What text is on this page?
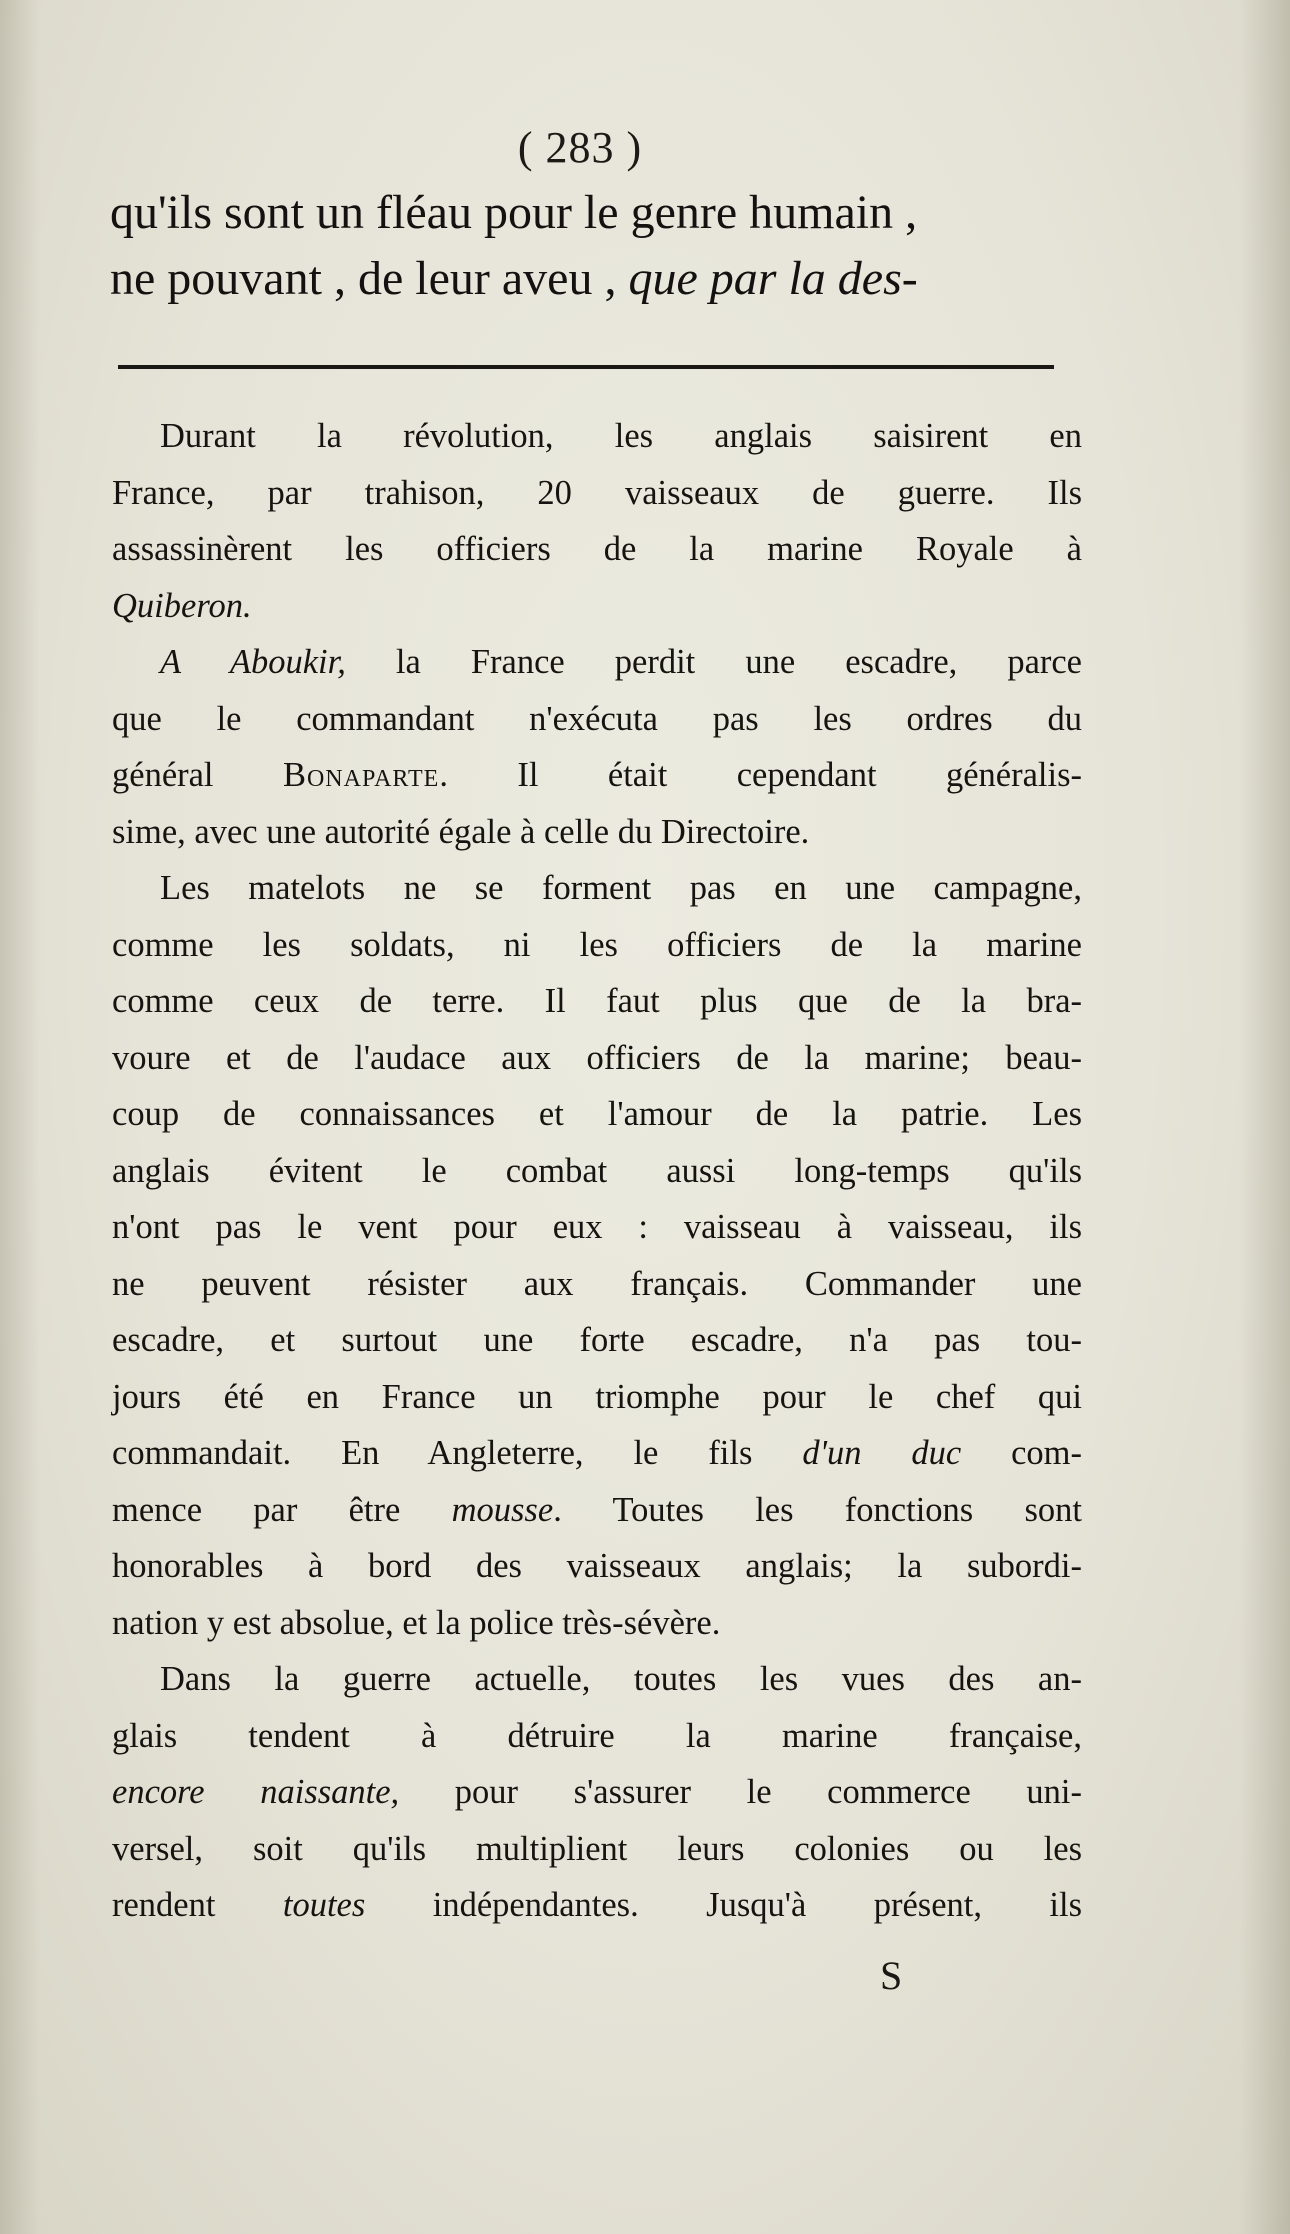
( 283 )
qu'ils sont un fléau pour le genre humain ,
ne pouvant , de leur aveu , que par la des-
Durant la révolution, les anglais saisirent en
France, par trahison, 20 vaisseaux de guerre. Ils
assassinèrent les officiers de la marine Royale à
Quiberon.
A Aboukir, la France perdit une escadre, parce
que le commandant n'exécuta pas les ordres du
général Bonaparte. Il était cependant généralis-
sime, avec une autorité égale à celle du Directoire.
Les matelots ne se forment pas en une campagne,
comme les soldats, ni les officiers de la marine
comme ceux de terre. Il faut plus que de la bra-
voure et de l'audace aux officiers de la marine; beau-
coup de connaissances et l'amour de la patrie. Les
anglais évitent le combat aussi long-temps qu'ils
n'ont pas le vent pour eux : vaisseau à vaisseau, ils
ne peuvent résister aux français. Commander une
escadre, et surtout une forte escadre, n'a pas tou-
jours été en France un triomphe pour le chef qui
commandait. En Angleterre, le fils d'un duc com-
mence par être mousse. Toutes les fonctions sont
honorables à bord des vaisseaux anglais; la subordi-
nation y est absolue, et la police très-sévère.
Dans la guerre actuelle, toutes les vues des an-
glais tendent à détruire la marine française,
encore naissante, pour s'assurer le commerce uni-
versel, soit qu'ils multiplient leurs colonies ou les
rendent toutes indépendantes. Jusqu'à présent, ils
S
